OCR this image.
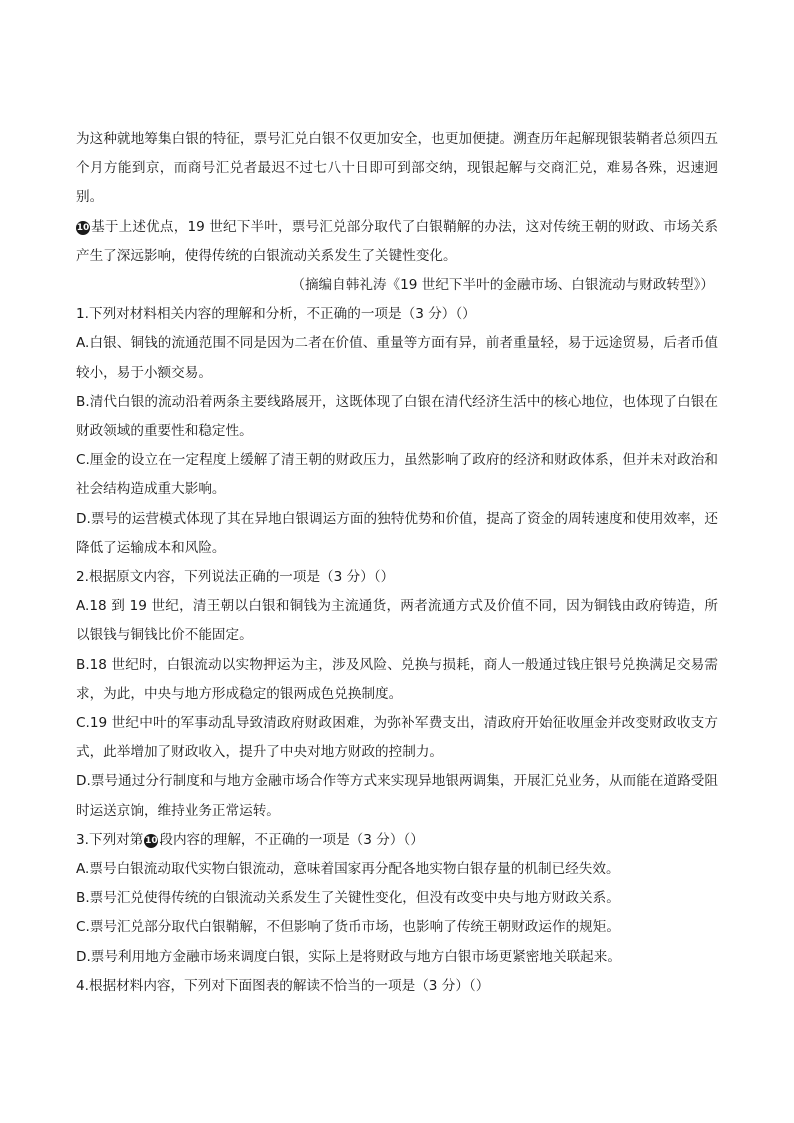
为这种就地筹集白银的特征，票号汇兑白银不仅更加安全，也更加便捷。溯查历年起解现银装鞘者总须四五个月方能到京，而商号汇兑者最迟不过七八十日即可到部交纳，现银起解与交商汇兑，难易各殊，迟速迥别。

10 基于上述优点，19 世纪下半叶，票号汇兑部分取代了白银鞘解的办法，这对传统王朝的财政、市场关系产生了深远影响，使得传统的白银流动关系发生了关键性变化。

（摘编自韩礼涛《19 世纪下半叶的金融市场、白银流动与财政转型》）

1.下列对材料相关内容的理解和分析，不正确的一项是（3 分）（）

A.白银、铜钱的流通范围不同是因为二者在价值、重量等方面有异，前者重量轻，易于远途贸易，后者币值较小，易于小额交易。

B.清代白银的流动沿着两条主要线路展开，这既体现了白银在清代经济生活中的核心地位，也体现了白银在财政领域的重要性和稳定性。

C.厘金的设立在一定程度上缓解了清王朝的财政压力，虽然影响了政府的经济和财政体系，但并未对政治和社会结构造成重大影响。

D.票号的运营模式体现了其在异地白银调运方面的独特优势和价值，提高了资金的周转速度和使用效率，还降低了运输成本和风险。

2.根据原文内容，下列说法正确的一项是（3 分）（）

A.18 到 19 世纪，清王朝以白银和铜钱为主流通货，两者流通方式及价值不同，因为铜钱由政府铸造，所以银钱与铜钱比价不能固定。

B.18 世纪时，白银流动以实物押运为主，涉及风险、兑换与损耗，商人一般通过钱庄银号兑换满足交易需求，为此，中央与地方形成稳定的银两成色兑换制度。

C.19 世纪中叶的军事动乱导致清政府财政困难，为弥补军费支出，清政府开始征收厘金并改变财政收支方式，此举增加了财政收入，提升了中央对地方财政的控制力。

D.票号通过分行制度和与地方金融市场合作等方式来实现异地银两调集，开展汇兑业务，从而能在道路受阻时运送京饷，维持业务正常运转。

3.下列对第 10 段内容的理解，不正确的一项是（3 分）（）

A.票号白银流动取代实物白银流动，意味着国家再分配各地实物白银存量的机制已经失效。

B.票号汇兑使得传统的白银流动关系发生了关键性变化，但没有改变中央与地方财政关系。

C.票号汇兑部分取代白银鞘解，不但影响了货币市场，也影响了传统王朝财政运作的规矩。

D.票号利用地方金融市场来调度白银，实际上是将财政与地方白银市场更紧密地关联起来。

4.根据材料内容，下列对下面图表的解读不恰当的一项是（3 分）（）
